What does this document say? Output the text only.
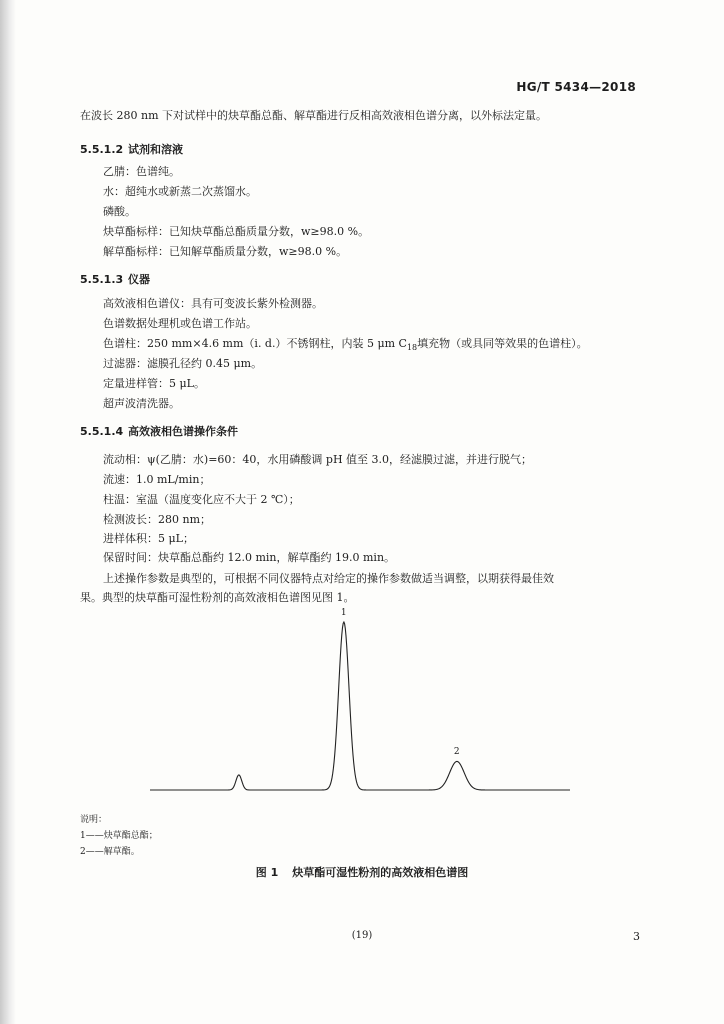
HG/T 5434—2018
在波长 280 nm 下对试样中的炔草酯总酯、解草酯进行反相高效液相色谱分离，以外标法定量。
5.5.1.2 试剂和溶液
乙腈：色谱纯。
水：超纯水或新蒸二次蒸馏水。
磷酸。
炔草酯标样：已知炔草酯总酯质量分数，w≥98.0 %。
解草酯标样：已知解草酯质量分数，w≥98.0 %。
5.5.1.3 仪器
高效液相色谱仪：具有可变波长紫外检测器。
色谱数据处理机或色谱工作站。
色谱柱：250 mm×4.6 mm（i. d.）不锈钢柱，内装 5 μm $C_{18}$填充物（或具同等效果的色谱柱）。
过滤器：滤膜孔径约 0.45 μm。
定量进样管：5 μL。
超声波清洗器。
5.5.1.4 高效液相色谱操作条件
流动相：ψ(乙腈：水)=60：40，水用磷酸调 pH 值至 3.0，经滤膜过滤，并进行脱气；
流速：1.0 mL/min；
柱温：室温（温度变化应不大于 2 ℃）；
检测波长：280 nm；
进样体积：5 μL；
保留时间：炔草酯总酯约 12.0 min，解草酯约 19.0 min。
上述操作参数是典型的，可根据不同仪器特点对给定的操作参数做适当调整，以期获得最佳效
果。典型的炔草酯可湿性粉剂的高效液相色谱图见图 1。
1
2
说明：
1——炔草酯总酯；
2——解草酯。
图 1 炔草酯可湿性粉剂的高效液相色谱图
(19)	3
